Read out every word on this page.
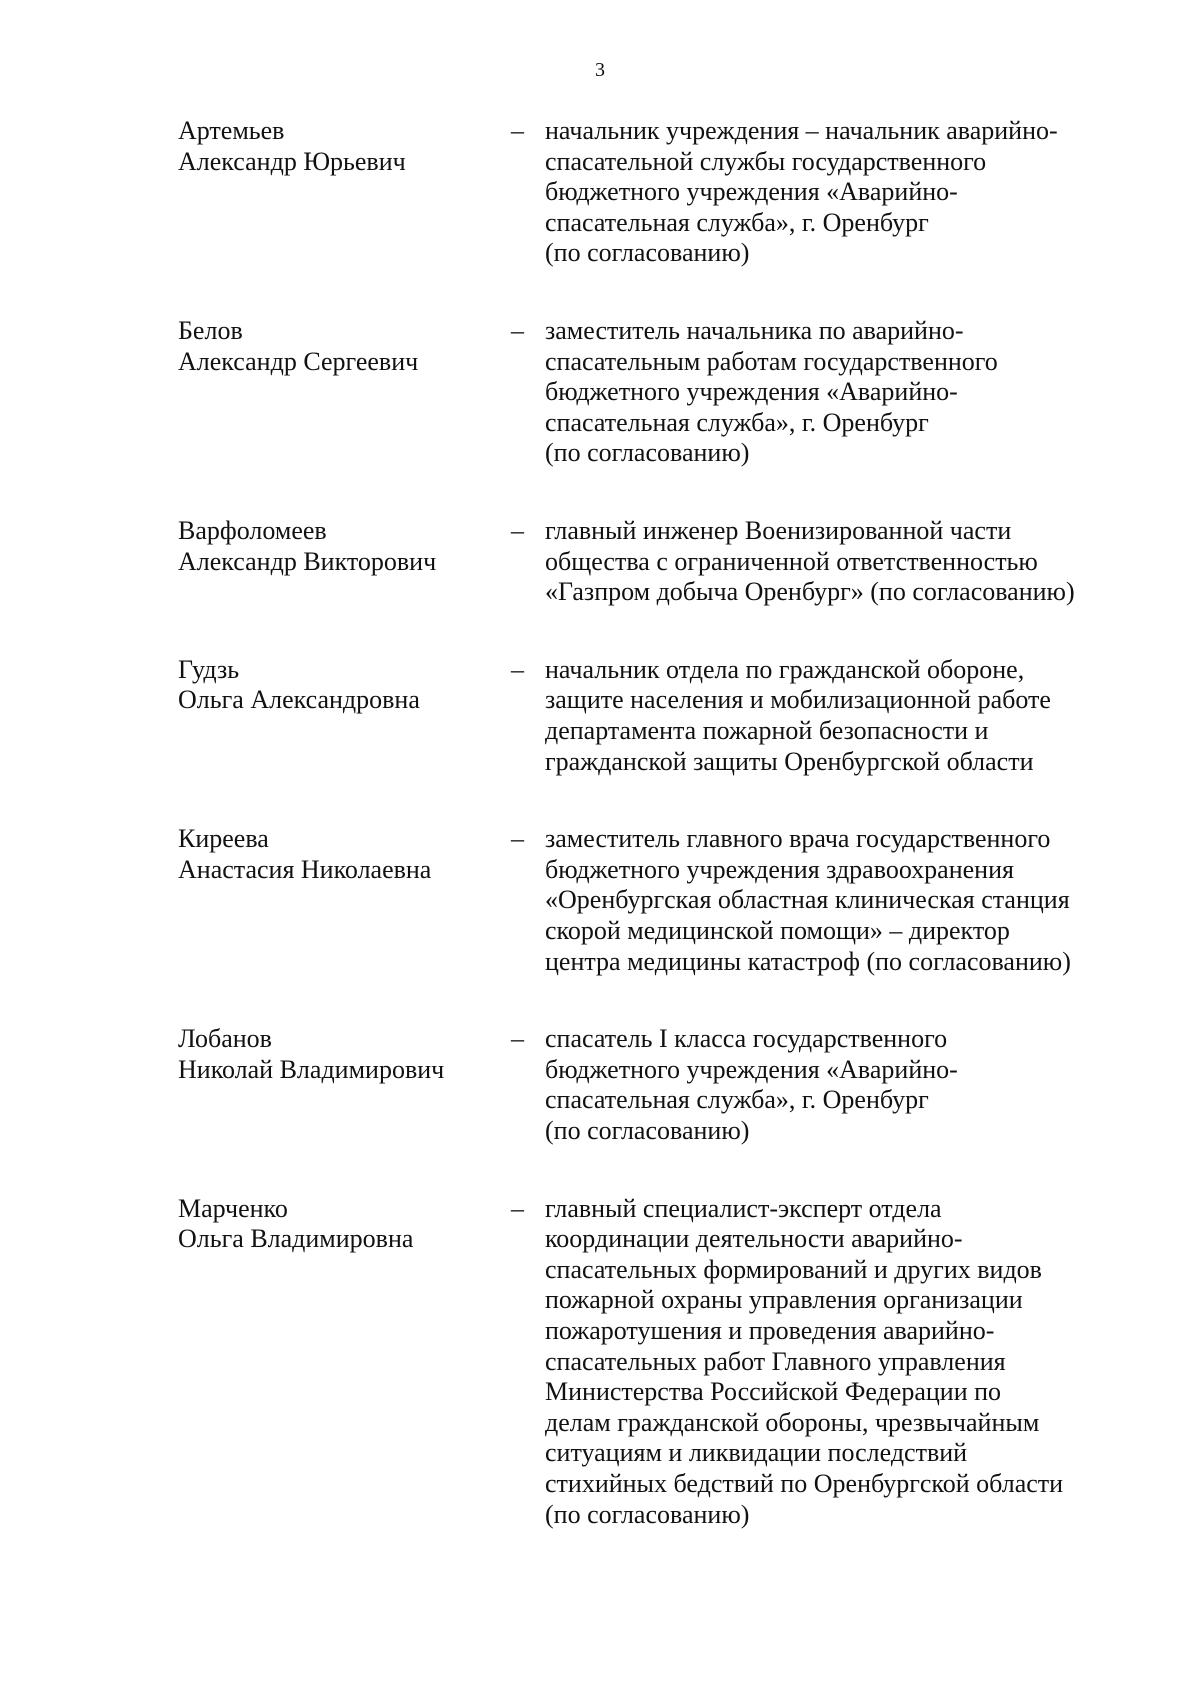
3
Артемьев
Александр Юрьевич
– начальник учреждения – начальник аварийно-
спасательной службы государственного
бюджетного учреждения «Аварийно-
спасательная служба», г. Оренбург
(по согласованию)
Белов
Александр Сергеевич
– заместитель начальника по аварийно-
спасательным работам государственного
бюджетного учреждения «Аварийно-
спасательная служба», г. Оренбург
(по согласованию)
Варфоломеев
Александр Викторович
– главный инженер Военизированной части
общества с ограниченной ответственностью
«Газпром добыча Оренбург» (по согласованию)
Гудзь
Ольга Александровна
– начальник отдела по гражданской обороне,
защите населения и мобилизационной работе
департамента пожарной безопасности и
гражданской защиты Оренбургской области
Киреева
Анастасия Николаевна
– заместитель главного врача государственного
бюджетного учреждения здравоохранения
«Оренбургская областная клиническая станция
скорой медицинской помощи» – директор
центра медицины катастроф (по согласованию)
Лобанов
Николай Владимирович
– спасатель I класса государственного
бюджетного учреждения «Аварийно-
спасательная служба», г. Оренбург
(по согласованию)
Марченко
Ольга Владимировна
– главный специалист-эксперт отдела
координации деятельности аварийно-
спасательных формирований и других видов
пожарной охраны управления организации
пожаротушения и проведения аварийно-
спасательных работ Главного управления
Министерства Российской Федерации по
делам гражданской обороны, чрезвычайным
ситуациям и ликвидации последствий
стихийных бедствий по Оренбургской области
(по согласованию)
